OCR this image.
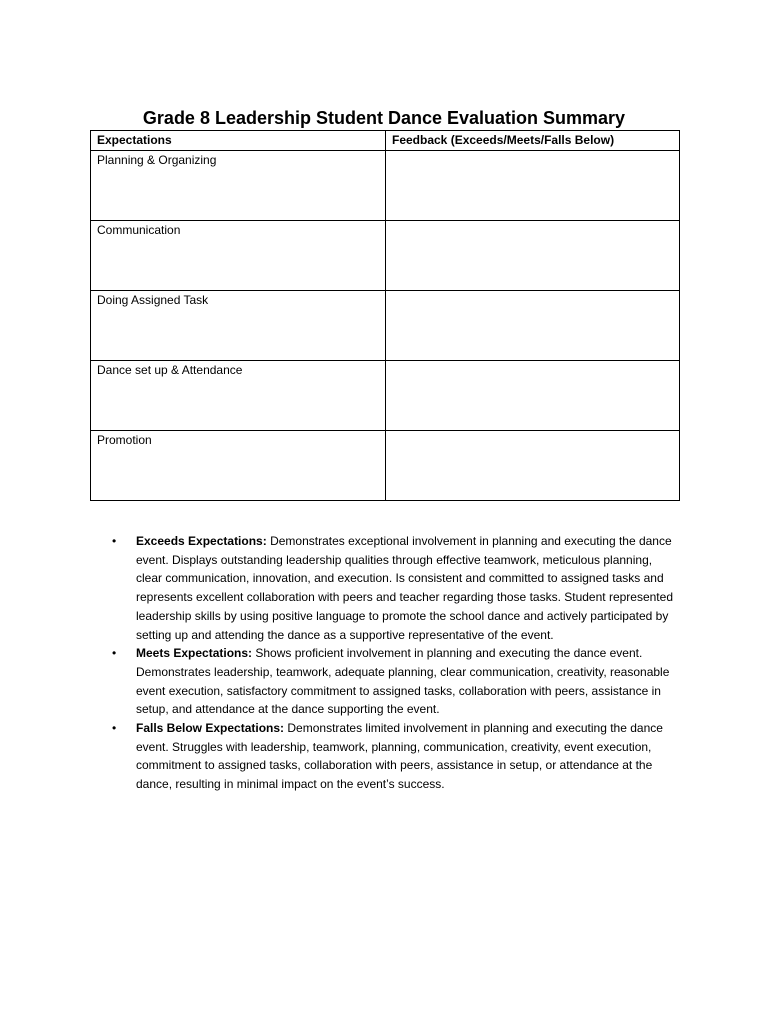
Grade 8 Leadership Student Dance Evaluation Summary
Expectations	Feedback (Exceeds/Meets/Falls Below)
Planning & Organizing	
Communication	
Doing Assigned Task	
Dance set up & Attendance	
Promotion	
• Exceeds Expectations: Demonstrates exceptional involvement in planning and executing the dance event. Displays outstanding leadership qualities through effective teamwork, meticulous planning, clear communication, innovation, and execution. Is consistent and committed to assigned tasks and represents excellent collaboration with peers and teacher regarding those tasks. Student represented leadership skills by using positive language to promote the school dance and actively participated by setting up and attending the dance as a supportive representative of the event.
• Meets Expectations: Shows proficient involvement in planning and executing the dance event. Demonstrates leadership, teamwork, adequate planning, clear communication, creativity, reasonable event execution, satisfactory commitment to assigned tasks, collaboration with peers, assistance in setup, and attendance at the dance supporting the event.
• Falls Below Expectations: Demonstrates limited involvement in planning and executing the dance event. Struggles with leadership, teamwork, planning, communication, creativity, event execution, commitment to assigned tasks, collaboration with peers, assistance in setup, or attendance at the dance, resulting in minimal impact on the event’s success.
